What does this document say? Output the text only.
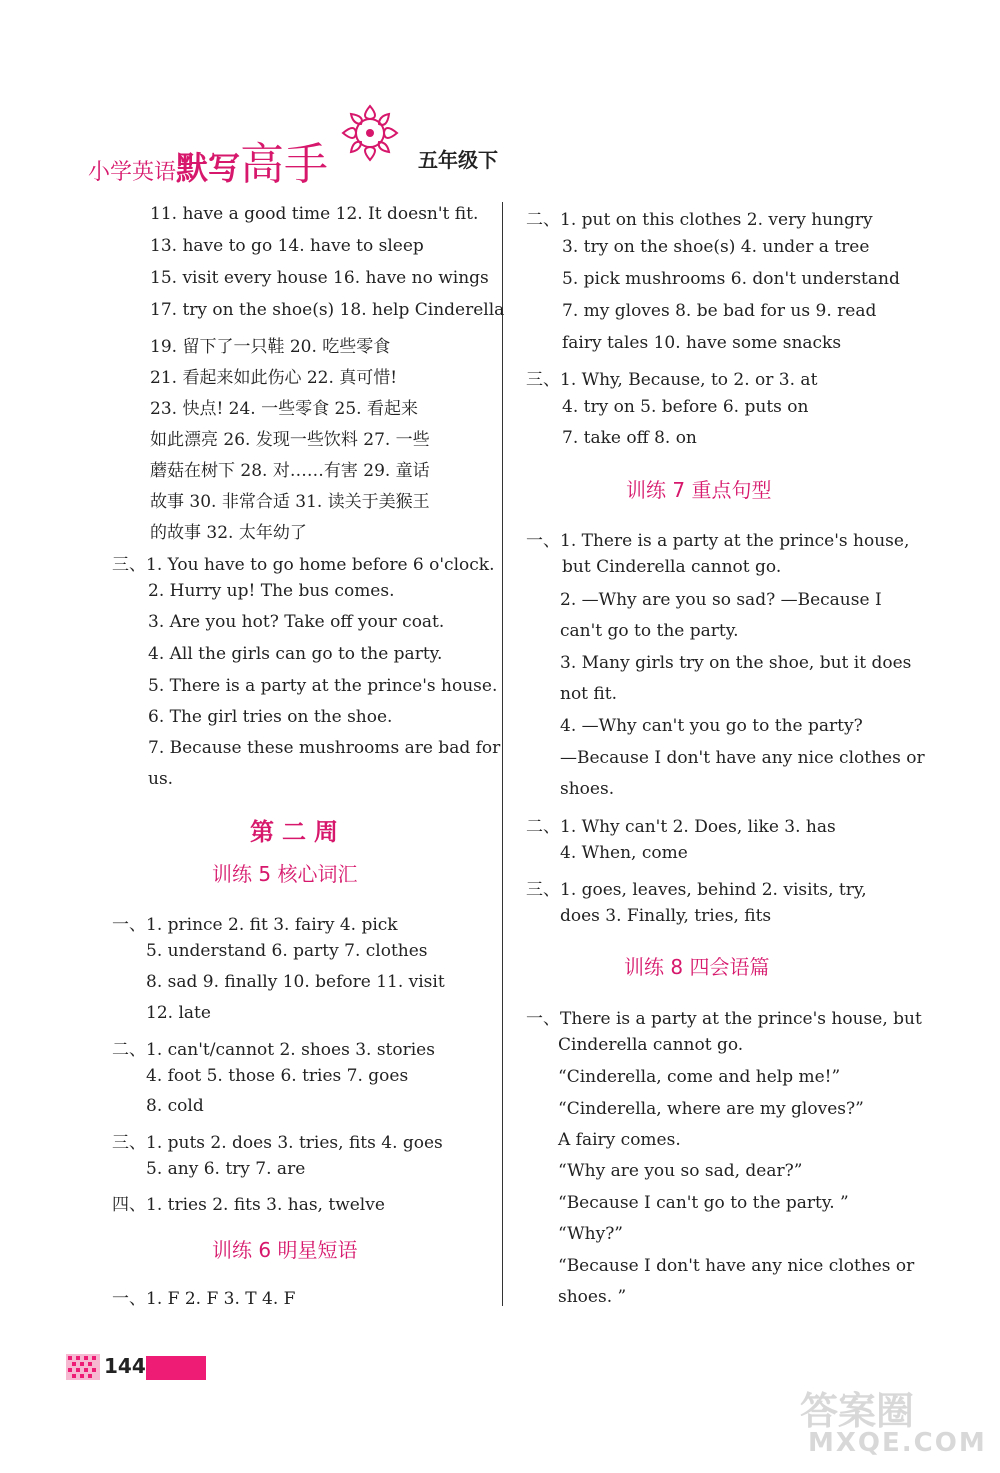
小学英语默写高手	五年级下
11. have a good time 12. It doesn't fit.
13. have to go 14. have to sleep
15. visit every house 16. have no wings
17. try on the shoe(s) 18. help Cinderella
19. 留下了一只鞋 20. 吃些零食
21. 看起来如此伤心 22. 真可惜!
23. 快点! 24. 一些零食 25. 看起来
如此漂亮 26. 发现一些饮料 27. 一些
蘑菇在树下 28. 对……有害 29. 童话
故事 30. 非常合适 31. 读关于美猴王
的故事 32. 太年幼了
三、1. You have to go home before 6 o'clock.
2. Hurry up! The bus comes.
3. Are you hot? Take off your coat.
4. All the girls can go to the party.
5. There is a party at the prince's house.
6. The girl tries on the shoe.
7. Because these mushrooms are bad for
us.
第二周
训练 5 核心词汇
一、1. prince 2. fit 3. fairy 4. pick
5. understand 6. party 7. clothes
8. sad 9. finally 10. before 11. visit
12. late
二、1. can't/cannot 2. shoes 3. stories
4. foot 5. those 6. tries 7. goes
8. cold
三、1. puts 2. does 3. tries, fits 4. goes
5. any 6. try 7. are
四、1. tries 2. fits 3. has, twelve
训练 6 明星短语
一、1. F 2. F 3. T 4. F
二、1. put on this clothes 2. very hungry
3. try on the shoe(s) 4. under a tree
5. pick mushrooms 6. don't understand
7. my gloves 8. be bad for us 9. read
fairy tales 10. have some snacks
三、1. Why, Because, to 2. or 3. at
4. try on 5. before 6. puts on
7. take off 8. on
训练 7 重点句型
一、1. There is a party at the prince's house,
but Cinderella cannot go.
2. —Why are you so sad? —Because I
can't go to the party.
3. Many girls try on the shoe, but it does
not fit.
4. —Why can't you go to the party?
—Because I don't have any nice clothes or
shoes.
二、1. Why can't 2. Does, like 3. has
4. When, come
三、1. goes, leaves, behind 2. visits, try,
does 3. Finally, tries, fits
训练 8 四会语篇
一、There is a party at the prince's house, but
Cinderella cannot go.
“Cinderella, come and help me!”
“Cinderella, where are my gloves?”
A fairy comes.
“Why are you so sad, dear?”
“Because I can't go to the party. ”
“Why?”
“Because I don't have any nice clothes or
shoes. ”
144
答案圈
MXQE.COM
